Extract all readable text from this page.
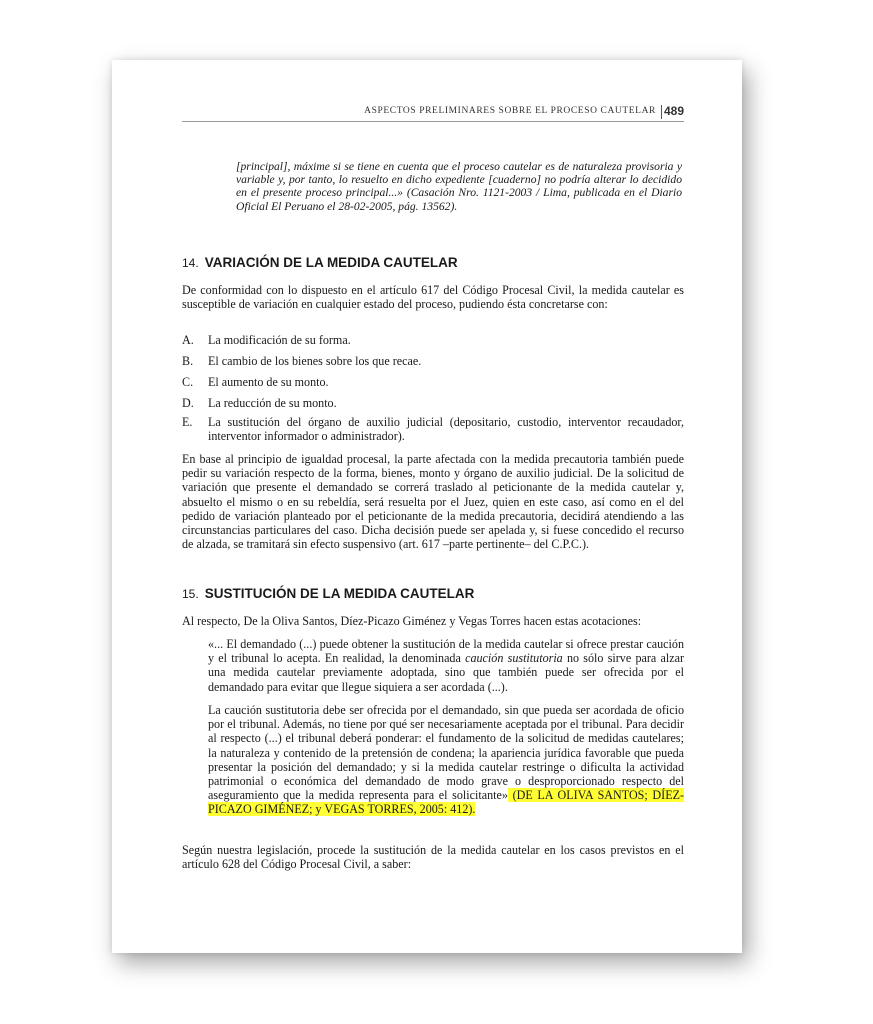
ASPECTOS PRELIMINARES SOBRE EL PROCESO CAUTELAR 489
[principal], máxime si se tiene en cuenta que el proceso cautelar es de naturaleza provisoria y variable y, por tanto, lo resuelto en dicho expediente [cuaderno] no podría alterar lo decidido en el presente proceso principal...» (Casación Nro. 1121-2003 / Lima, publicada en el Diario Oficial El Peruano el 28-02-2005, pág. 13562).
14. VARIACIÓN DE LA MEDIDA CAUTELAR
De conformidad con lo dispuesto en el artículo 617 del Código Procesal Civil, la medida cautelar es susceptible de variación en cualquier estado del proceso, pudiendo ésta concretarse con:
A.	La modificación de su forma.
B.	El cambio de los bienes sobre los que recae.
C.	El aumento de su monto.
D.	La reducción de su monto.
E.	La sustitución del órgano de auxilio judicial (depositario, custodio, interventor recaudador, interventor informador o administrador).
En base al principio de igualdad procesal, la parte afectada con la medida precautoria también puede pedir su variación respecto de la forma, bienes, monto y órgano de auxilio judicial. De la solicitud de variación que presente el demandado se correrá traslado al peticionante de la medida cautelar y, absuelto el mismo o en su rebeldía, será resuelta por el Juez, quien en este caso, así como en el del pedido de variación planteado por el peticionante de la medida precautoria, decidirá atendiendo a las circunstancias particulares del caso. Dicha decisión puede ser apelada y, si fuese concedido el recurso de alzada, se tramitará sin efecto suspensivo (art. 617 –parte pertinente– del C.P.C.).
15. SUSTITUCIÓN DE LA MEDIDA CAUTELAR
Al respecto, De la Oliva Santos, Díez-Picazo Giménez y Vegas Torres hacen estas acotaciones:
«... El demandado (...) puede obtener la sustitución de la medida cautelar si ofrece prestar caución y el tribunal lo acepta. En realidad, la denominada caución sustitutoria no sólo sirve para alzar una medida cautelar previamente adoptada, sino que también puede ser ofrecida por el demandado para evitar que llegue siquiera a ser acordada (...).
La caución sustitutoria debe ser ofrecida por el demandado, sin que pueda ser acordada de oficio por el tribunal. Además, no tiene por qué ser necesariamente aceptada por el tribunal. Para decidir al respecto (...) el tribunal deberá ponderar: el fundamento de la solicitud de medidas cautelares; la naturaleza y contenido de la pretensión de condena; la apariencia jurídica favorable que pueda presentar la posición del demandado; y si la medida cautelar restringe o dificulta la actividad patrimonial o económica del demandado de modo grave o desproporcionado respecto del aseguramiento que la medida representa para el solicitante» (DE LA OLIVA SANTOS; DÍEZ-PICAZO GIMÉNEZ; y VEGAS TORRES, 2005: 412).
Según nuestra legislación, procede la sustitución de la medida cautelar en los casos previstos en el artículo 628 del Código Procesal Civil, a saber:
